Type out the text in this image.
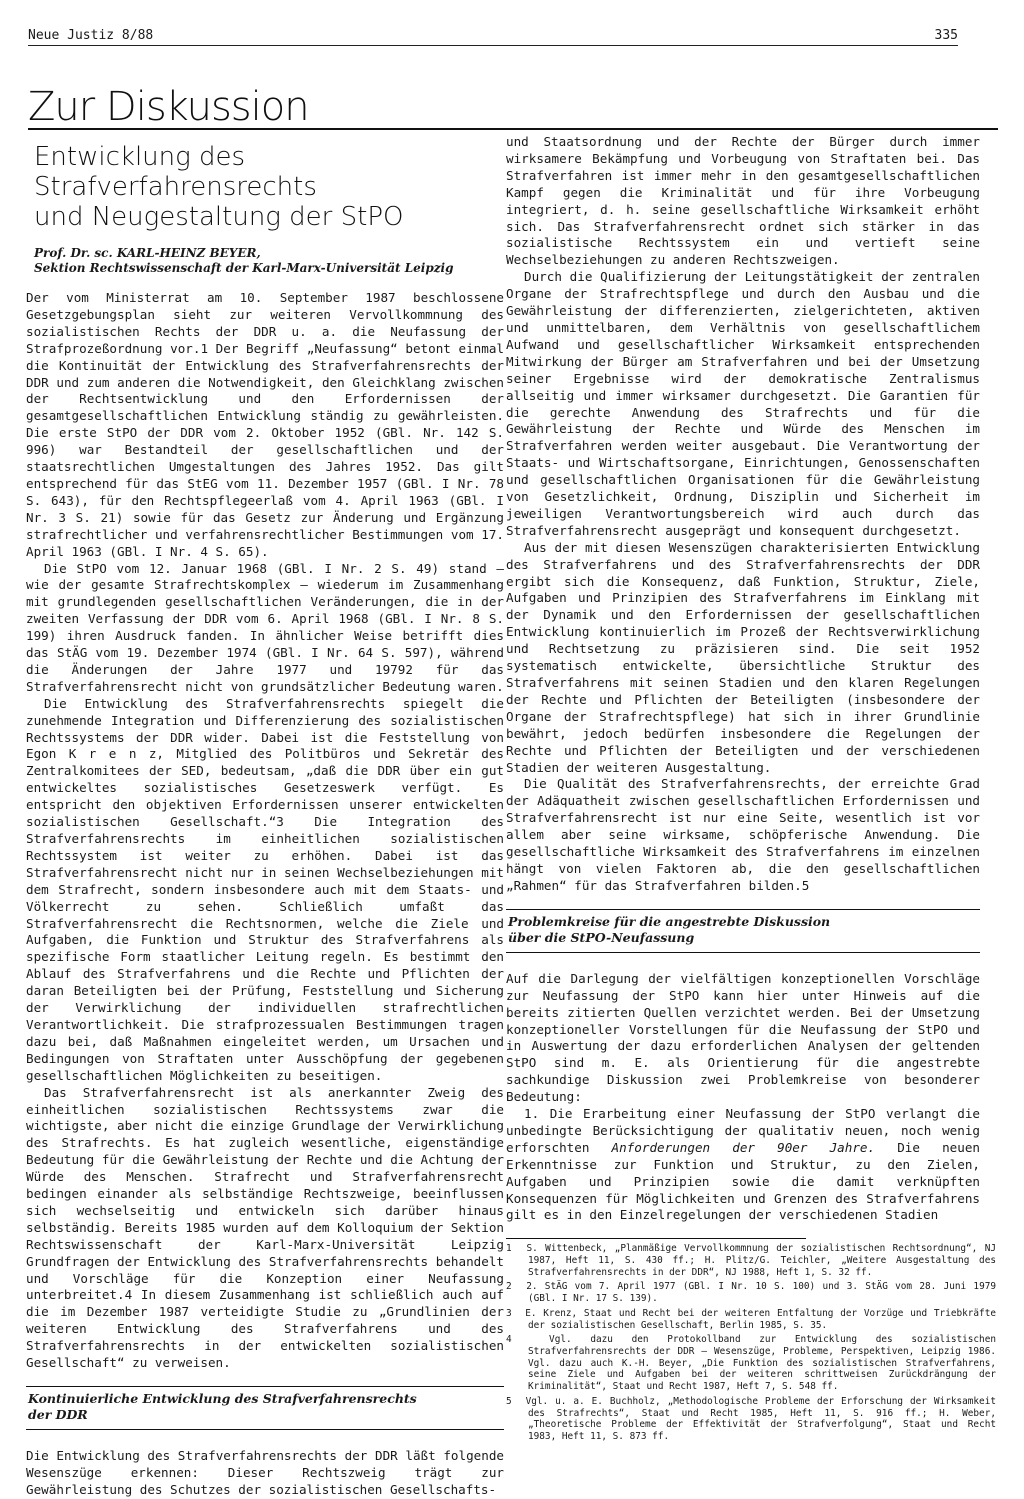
Neue Justiz 8/88	335
Zur Diskussion
Entwicklung des Strafverfahrensrechts
und Neugestaltung der StPO
Prof. Dr. sc. KARL-HEINZ BEYER,
Sektion Rechtswissenschaft der Karl-Marx-Universität Leipzig

Der vom Ministerrat am 10. September 1987 beschlossene Gesetzgebungsplan sieht zur weiteren Vervollkommnung des sozialistischen Rechts der DDR u. a. die Neufassung der Strafprozeßordnung vor.1 Der Begriff „Neufassung“ betont einmal die Kontinuität der Entwicklung des Strafverfahrensrechts der DDR und zum anderen die Notwendigkeit, den Gleichklang zwischen der Rechtsentwicklung und den Erfordernissen der gesamtgesellschaftlichen Entwicklung ständig zu gewährleisten. Die erste StPO der DDR vom 2. Oktober 1952 (GBl. Nr. 142 S. 996) war Bestandteil der gesellschaftlichen und der staatsrechtlichen Umgestaltungen des Jahres 1952. Das gilt entsprechend für das StEG vom 11. Dezember 1957 (GBl. I Nr. 78 S. 643), für den Rechtspflegeerlaß vom 4. April 1963 (GBl. I Nr. 3 S. 21) sowie für das Gesetz zur Änderung und Ergänzung strafrechtlicher und verfahrensrechtlicher Bestimmungen vom 17. April 1963 (GBl. I Nr. 4 S. 65).

Die StPO vom 12. Januar 1968 (GBl. I Nr. 2 S. 49) stand — wie der gesamte Strafrechtskomplex — wiederum im Zusammenhang mit grundlegenden gesellschaftlichen Veränderungen, die in der zweiten Verfassung der DDR vom 6. April 1968 (GBl. I Nr. 8 S. 199) ihren Ausdruck fanden. In ähnlicher Weise betrifft dies das StÄG vom 19. Dezember 1974 (GBl. I Nr. 64 S. 597), während die Änderungen der Jahre 1977 und 19792 für das Strafverfahrensrecht nicht von grundsätzlicher Bedeutung waren.

Die Entwicklung des Strafverfahrensrechts spiegelt die zunehmende Integration und Differenzierung des sozialistischen Rechtssystems der DDR wider. Dabei ist die Feststellung von Egon K r e n z, Mitglied des Politbüros und Sekretär des Zentralkomitees der SED, bedeutsam, „daß die DDR über ein gut entwickeltes sozialistisches Gesetzeswerk verfügt. Es entspricht den objektiven Erfordernissen unserer entwickelten sozialistischen Gesellschaft.“3 Die Integration des Strafverfahrensrechts im einheitlichen sozialistischen Rechtssystem ist weiter zu erhöhen. Dabei ist das Strafverfahrensrecht nicht nur in seinen Wechselbeziehungen mit dem Strafrecht, sondern insbesondere auch mit dem Staats- und Völkerrecht zu sehen. Schließlich umfaßt das Strafverfahrensrecht die Rechtsnormen, welche die Ziele und Aufgaben, die Funktion und Struktur des Strafverfahrens als spezifische Form staatlicher Leitung regeln. Es bestimmt den Ablauf des Strafverfahrens und die Rechte und Pflichten der daran Beteiligten bei der Prüfung, Feststellung und Sicherung der Verwirklichung der individuellen strafrechtlichen Verantwortlichkeit. Die strafprozessualen Bestimmungen tragen dazu bei, daß Maßnahmen eingeleitet werden, um Ursachen und Bedingungen von Straftaten unter Ausschöpfung der gegebenen gesellschaftlichen Möglichkeiten zu beseitigen.

Das Strafverfahrensrecht ist als anerkannter Zweig des einheitlichen sozialistischen Rechtssystems zwar die wichtigste, aber nicht die einzige Grundlage der Verwirklichung des Strafrechts. Es hat zugleich wesentliche, eigenständige Bedeutung für die Gewährleistung der Rechte und die Achtung der Würde des Menschen. Strafrecht und Strafverfahrensrecht bedingen einander als selbständige Rechtszweige, beeinflussen sich wechselseitig und entwickeln sich darüber hinaus selbständig. Bereits 1985 wurden auf dem Kolloquium der Sektion Rechtswissenschaft der Karl-Marx-Universität Leipzig Grundfragen der Entwicklung des Strafverfahrensrechts behandelt und Vorschläge für die Konzeption einer Neufassung unterbreitet.4 In diesem Zusammenhang ist schließlich auch auf die im Dezember 1987 verteidigte Studie zu „Grundlinien der weiteren Entwicklung des Strafverfahrens und des Strafverfahrensrechts in der entwickelten sozialistischen Gesellschaft“ zu verweisen.

Kontinuierliche Entwicklung des Strafverfahrensrechts
der DDR

Die Entwicklung des Strafverfahrensrechts der DDR läßt folgende Wesenszüge erkennen: Dieser Rechtszweig trägt zur Gewährleistung des Schutzes der sozialistischen Gesellschafts-

und Staatsordnung und der Rechte der Bürger durch immer wirksamere Bekämpfung und Vorbeugung von Straftaten bei. Das Strafverfahren ist immer mehr in den gesamtgesellschaftlichen Kampf gegen die Kriminalität und für ihre Vorbeugung integriert, d. h. seine gesellschaftliche Wirksamkeit erhöht sich. Das Strafverfahrensrecht ordnet sich stärker in das sozialistische Rechtssystem ein und vertieft seine Wechselbeziehungen zu anderen Rechtszweigen.

Durch die Qualifizierung der Leitungstätigkeit der zentralen Organe der Strafrechtspflege und durch den Ausbau und die Gewährleistung der differenzierten, zielgerichteten, aktiven und unmittelbaren, dem Verhältnis von gesellschaftlichem Aufwand und gesellschaftlicher Wirksamkeit entsprechenden Mitwirkung der Bürger am Strafverfahren und bei der Umsetzung seiner Ergebnisse wird der demokratische Zentralismus allseitig und immer wirksamer durchgesetzt. Die Garantien für die gerechte Anwendung des Strafrechts und für die Gewährleistung der Rechte und Würde des Menschen im Strafverfahren werden weiter ausgebaut. Die Verantwortung der Staats- und Wirtschaftsorgane, Einrichtungen, Genossenschaften und gesellschaftlichen Organisationen für die Gewährleistung von Gesetzlichkeit, Ordnung, Disziplin und Sicherheit im jeweiligen Verantwortungsbereich wird auch durch das Strafverfahrensrecht ausgeprägt und konsequent durchgesetzt.

Aus der mit diesen Wesenszügen charakterisierten Entwicklung des Strafverfahrens und des Strafverfahrensrechts der DDR ergibt sich die Konsequenz, daß Funktion, Struktur, Ziele, Aufgaben und Prinzipien des Strafverfahrens im Einklang mit der Dynamik und den Erfordernissen der gesellschaftlichen Entwicklung kontinuierlich im Prozeß der Rechtsverwirklichung und Rechtsetzung zu präzisieren sind. Die seit 1952 systematisch entwickelte, übersichtliche Struktur des Strafverfahrens mit seinen Stadien und den klaren Regelungen der Rechte und Pflichten der Beteiligten (insbesondere der Organe der Strafrechtspflege) hat sich in ihrer Grundlinie bewährt, jedoch bedürfen insbesondere die Regelungen der Rechte und Pflichten der Beteiligten und der verschiedenen Stadien der weiteren Ausgestaltung.

Die Qualität des Strafverfahrensrechts, der erreichte Grad der Adäquatheit zwischen gesellschaftlichen Erfordernissen und Strafverfahrensrecht ist nur eine Seite, wesentlich ist vor allem aber seine wirksame, schöpferische Anwendung. Die gesellschaftliche Wirksamkeit des Strafverfahrens im einzelnen hängt von vielen Faktoren ab, die den gesellschaftlichen „Rahmen“ für das Strafverfahren bilden.5

Problemkreise für die angestrebte Diskussion
über die StPO-Neufassung

Auf die Darlegung der vielfältigen konzeptionellen Vorschläge zur Neufassung der StPO kann hier unter Hinweis auf die bereits zitierten Quellen verzichtet werden. Bei der Umsetzung konzeptioneller Vorstellungen für die Neufassung der StPO und in Auswertung der dazu erforderlichen Analysen der geltenden StPO sind m. E. als Orientierung für die angestrebte sachkundige Diskussion zwei Problemkreise von besonderer Bedeutung:

1. Die Erarbeitung einer Neufassung der StPO verlangt die unbedingte Berücksichtigung der qualitativ neuen, noch wenig erforschten Anforderungen der 90er Jahre. Die neuen Erkenntnisse zur Funktion und Struktur, zu den Zielen, Aufgaben und Prinzipien sowie die damit verknüpften Konsequenzen für Möglichkeiten und Grenzen des Strafverfahrens gilt es in den Einzelregelungen der verschiedenen Stadien

1 S. Wittenbeck, „Planmäßige Vervollkommnung der sozialistischen Rechtsordnung“, NJ 1987, Heft 11, S. 430 ff.; H. Plitz/G. Teichler, „Weitere Ausgestaltung des Strafverfahrensrechts in der DDR“, NJ 1988, Heft 1, S. 32 ff.
2 2. StÄG vom 7. April 1977 (GBl. I Nr. 10 S. 100) und 3. StÄG vom 28. Juni 1979 (GBl. I Nr. 17 S. 139).
3 E. Krenz, Staat und Recht bei der weiteren Entfaltung der Vorzüge und Triebkräfte der sozialistischen Gesellschaft, Berlin 1985, S. 35.
4	Vgl. dazu den Protokollband zur Entwicklung des sozialistischen Strafverfahrensrechts der DDR – Wesenszüge, Probleme, Perspektiven, Leipzig 1986. Vgl. dazu auch K.-H. Beyer, „Die Funktion des sozialistischen Strafverfahrens, seine Ziele und Aufgaben bei der weiteren schrittweisen Zurückdrängung der Kriminalität“, Staat und Recht 1987, Heft 7, S. 548 ff.
5 Vgl. u. a. E. Buchholz, „Methodologische Probleme der Erforschung der Wirksamkeit des Strafrechts“, Staat und Recht 1985, Heft 11, S. 916 ff.; H. Weber, „Theoretische Probleme der Effektivität der Strafverfolgung“, Staat und Recht 1983, Heft 11, S. 873 ff.
